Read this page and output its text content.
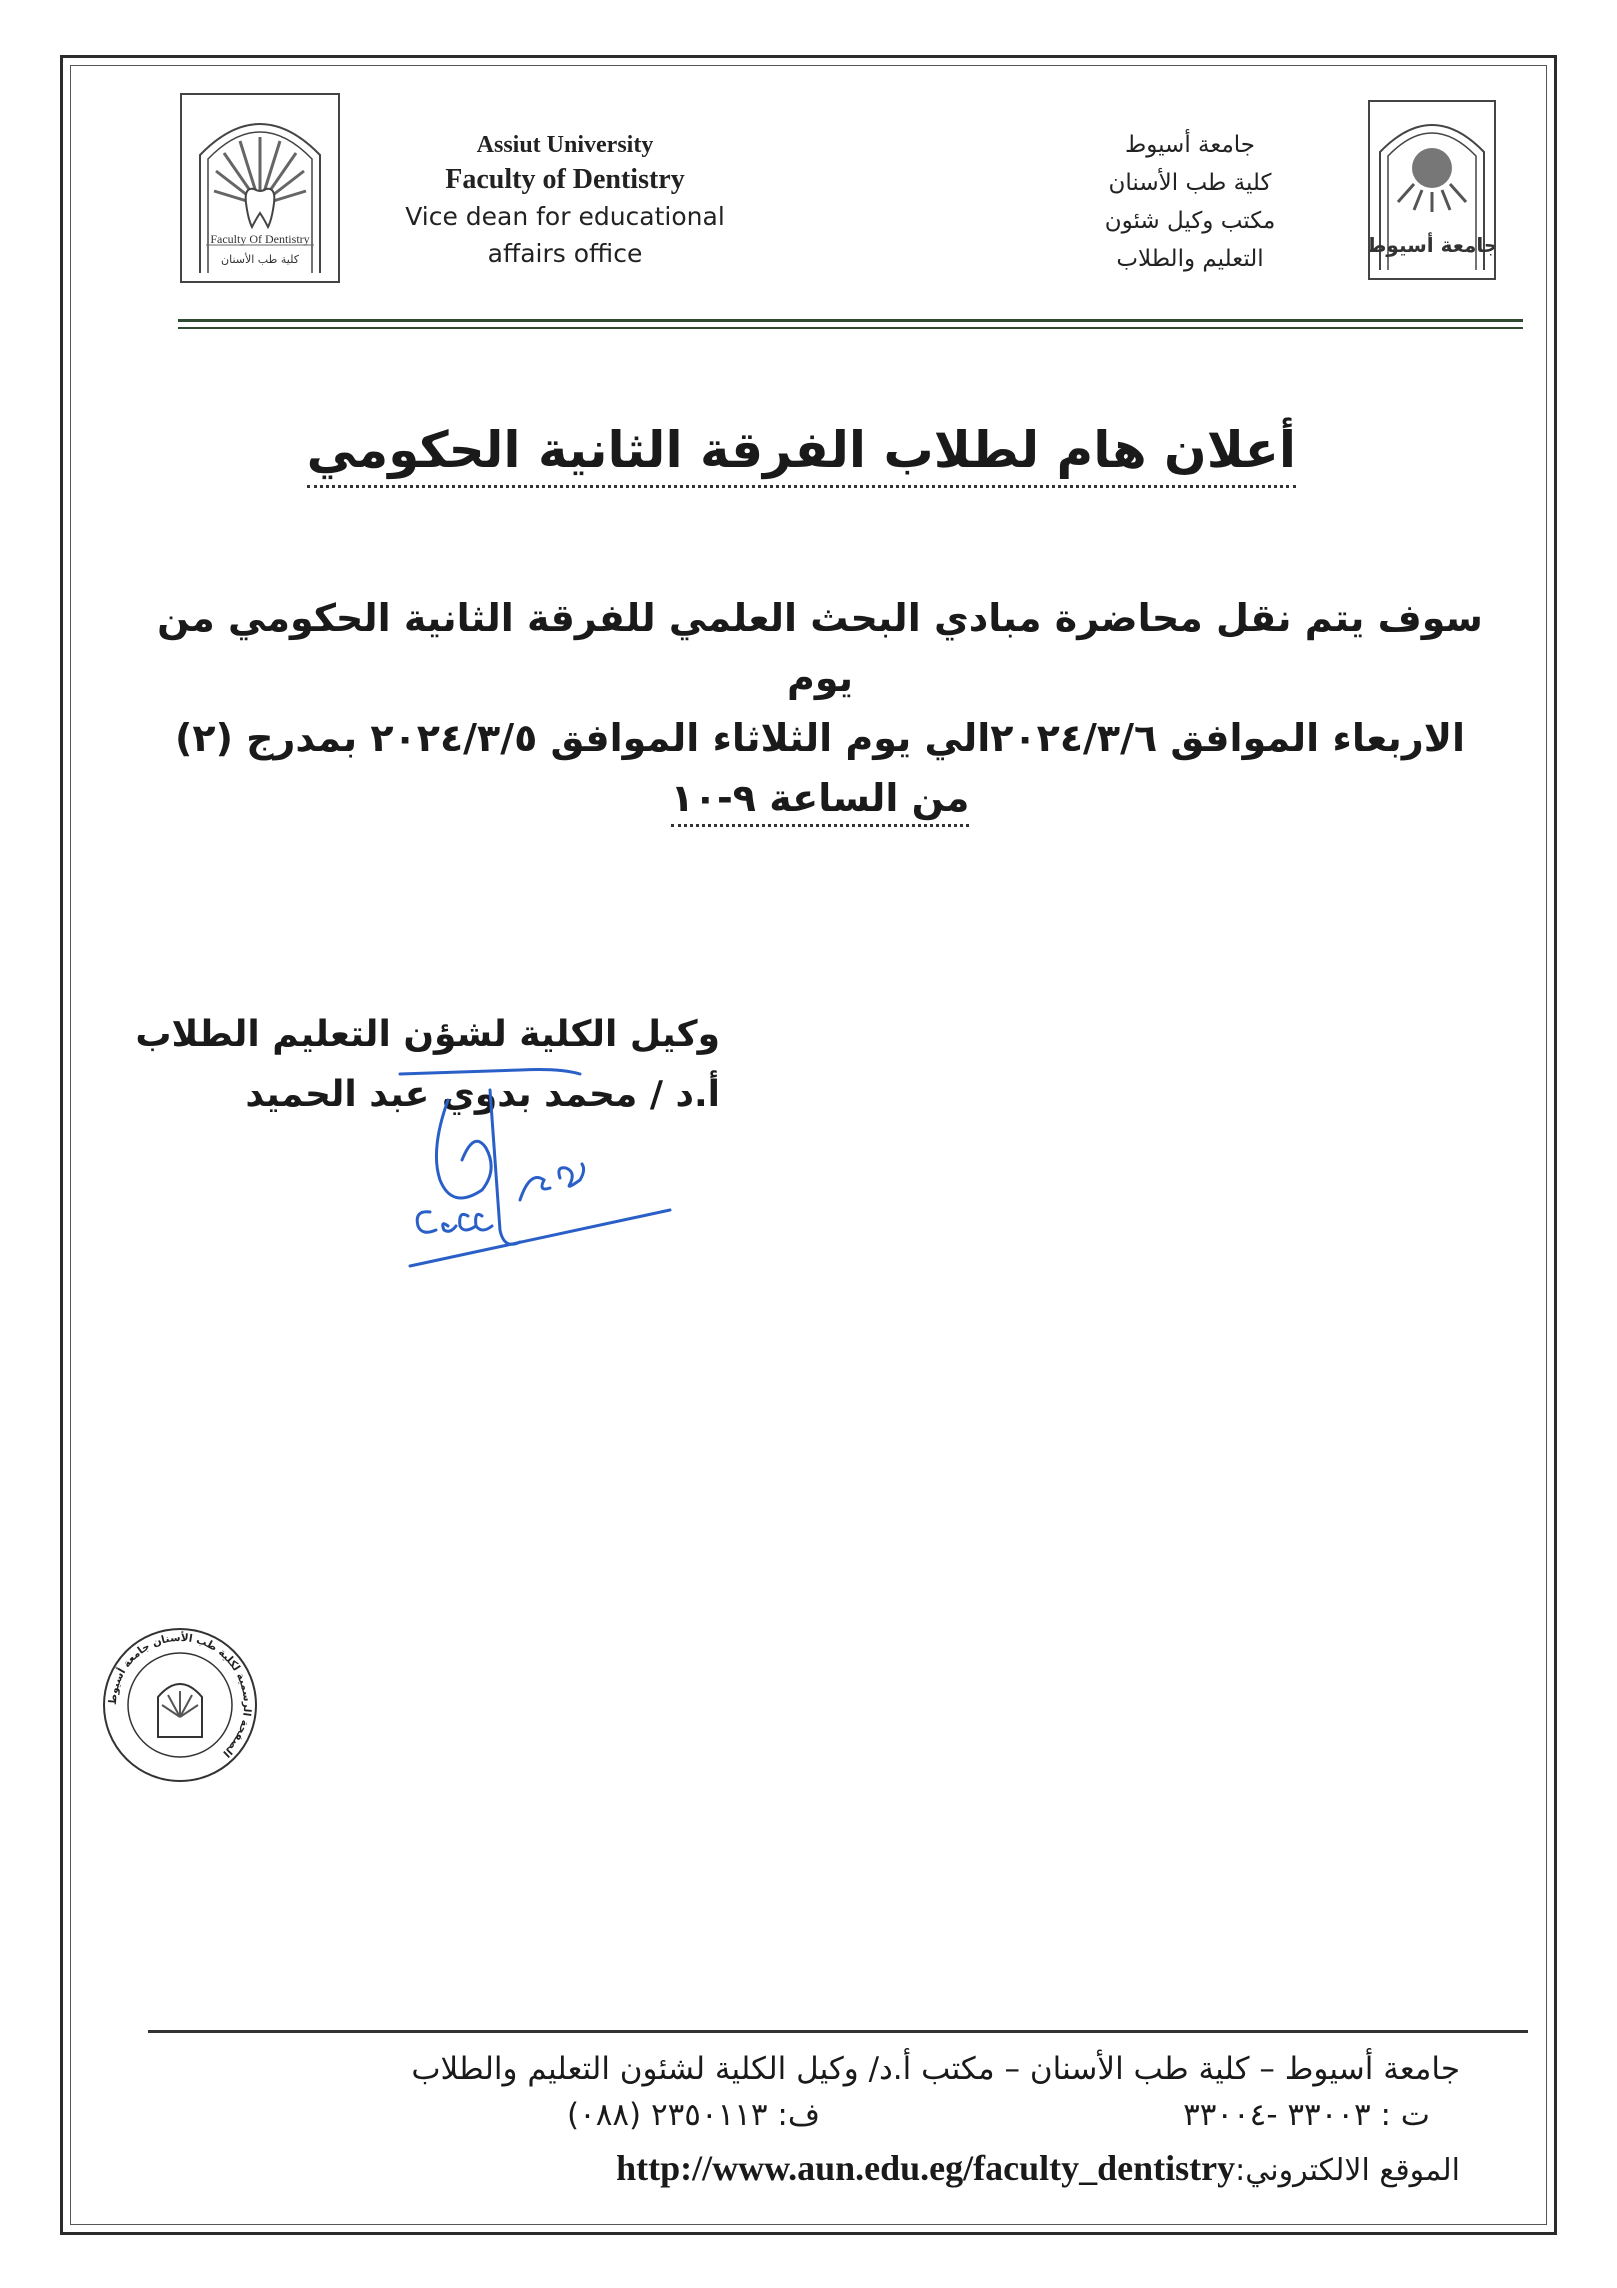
Faculty Of Dentistry
كلية طب الأسنان
جامعة أسيوط
Assiut University
Faculty of Dentistry
Vice dean for educational
affairs office
جامعة أسيوط
كلية طب الأسنان
مكتب وكيل شئون
التعليم والطلاب
أعلان هام لطلاب الفرقة الثانية الحكومي
سوف يتم نقل محاضرة مبادي البحث العلمي للفرقة الثانية الحكومي من يوم
الاربعاء الموافق ٢٠٢٤/٣/٦الي يوم الثلاثاء الموافق ٢٠٢٤/٣/٥ بمدرج (٢)
من الساعة ٩-١٠
وكيل الكلية لشؤن التعليم الطلاب
أ.د / محمد بدوي عبد الحميد
الصفحة الرسمية لكلية طب الأسنان جامعة أسيوط
جامعة أسيوط – كلية طب الأسنان – مكتب أ.د/ وكيل الكلية لشئون التعليم والطلاب
ت : ٣٣٠٠٣ -٣٣٠٠٤
ف: ٢٣٥٠١١٣ (٠٨٨)
الموقع الالكتروني:http://www.aun.edu.eg/faculty_dentistry
